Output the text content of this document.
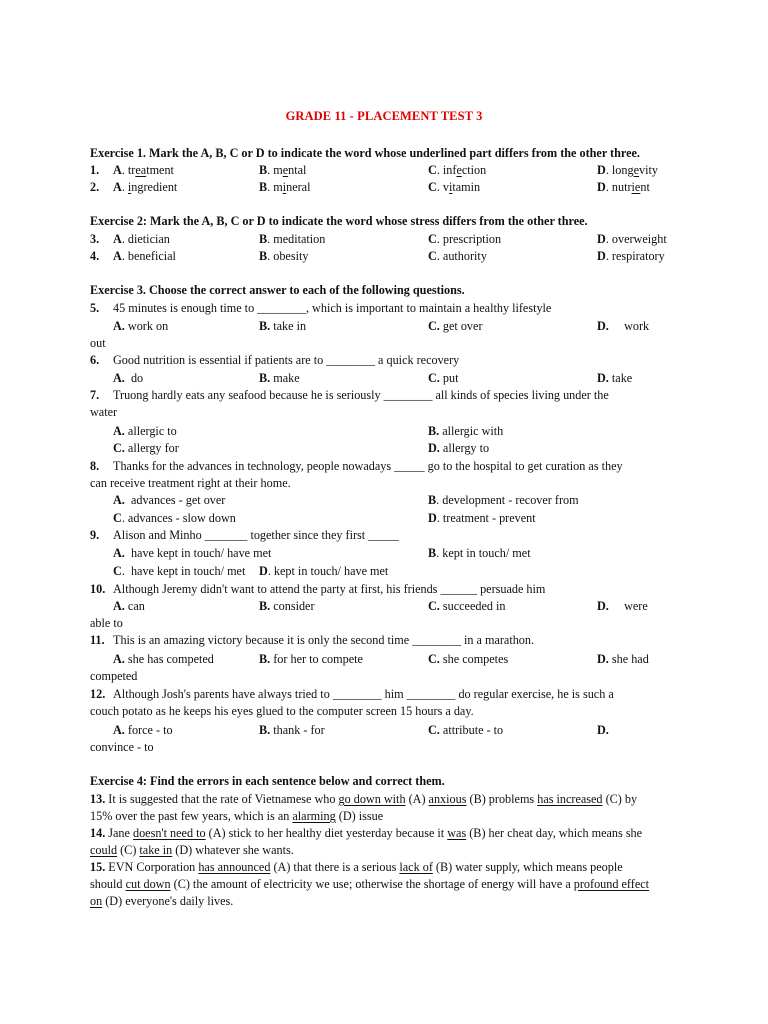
GRADE 11 - PLACEMENT TEST 3
Exercise 1. Mark the A, B, C or D to indicate the word whose underlined part differs from the other three.
1. A. treatment	B. mental	C. infection	D. longevity
2. A. ingredient	B. mineral	C. vitamin	D. nutrient
Exercise 2: Mark the A, B, C or D to indicate the word whose stress differs from the other three.
3. A. dietician	B. meditation	C. prescription	D. overweight
4. A. beneficial	B. obesity	C. authority	D. respiratory
Exercise 3. Choose the correct answer to each of the following questions.
5. 45 minutes is enough time to ________, which is important to maintain a healthy lifestyle
A. work on	B. take in	C. get over	D. work
out
6. Good nutrition is essential if patients are to ________ a quick recovery
A. do	B. make	C. put	D. take
7. Truong hardly eats any seafood because he is seriously ________ all kinds of species living under the
water
A. allergic to	B. allergic with
C. allergy for	D. allergy to
8. Thanks for the advances in technology, people nowadays _____ go to the hospital to get curation as they
can receive treatment right at their home.
A. advances - get over	B. development - recover from
C. advances - slow down	D. treatment - prevent
9. Alison and Minho _______ together since they first _____
A. have kept in touch/ have met	B. kept in touch/ met
C.  have kept in touch/ met D. kept in touch/ have met
10. Although Jeremy didn't want to attend the party at first, his friends ______ persuade him
A. can	B. consider	C. succeeded in	D. were
able to
11. This is an amazing victory because it is only the second time ________ in a marathon.
A. she has competed	B. for her to compete	C. she competes	D. she had
competed
12. Although Josh's parents have always tried to ________ him ________ do regular exercise, he is such a
couch potato as he keeps his eyes glued to the computer screen 15 hours a day.
A. force - to	B. thank - for	C. attribute - to	D.
convince - to
Exercise 4: Find the errors in each sentence below and correct them.
13. It is suggested that the rate of Vietnamese who go down with (A) anxious (B) problems has increased (C) by
15% over the past few years, which is an alarming (D) issue
14. Jane doesn't need to (A) stick to her healthy diet yesterday because it was (B) her cheat day, which means she
could (C) take in (D) whatever she wants.
15. EVN Corporation has announced (A) that there is a serious lack of (B) water supply, which means people
should cut down (C) the amount of electricity we use; otherwise the shortage of energy will have a profound effect
on (D) everyone's daily lives.
